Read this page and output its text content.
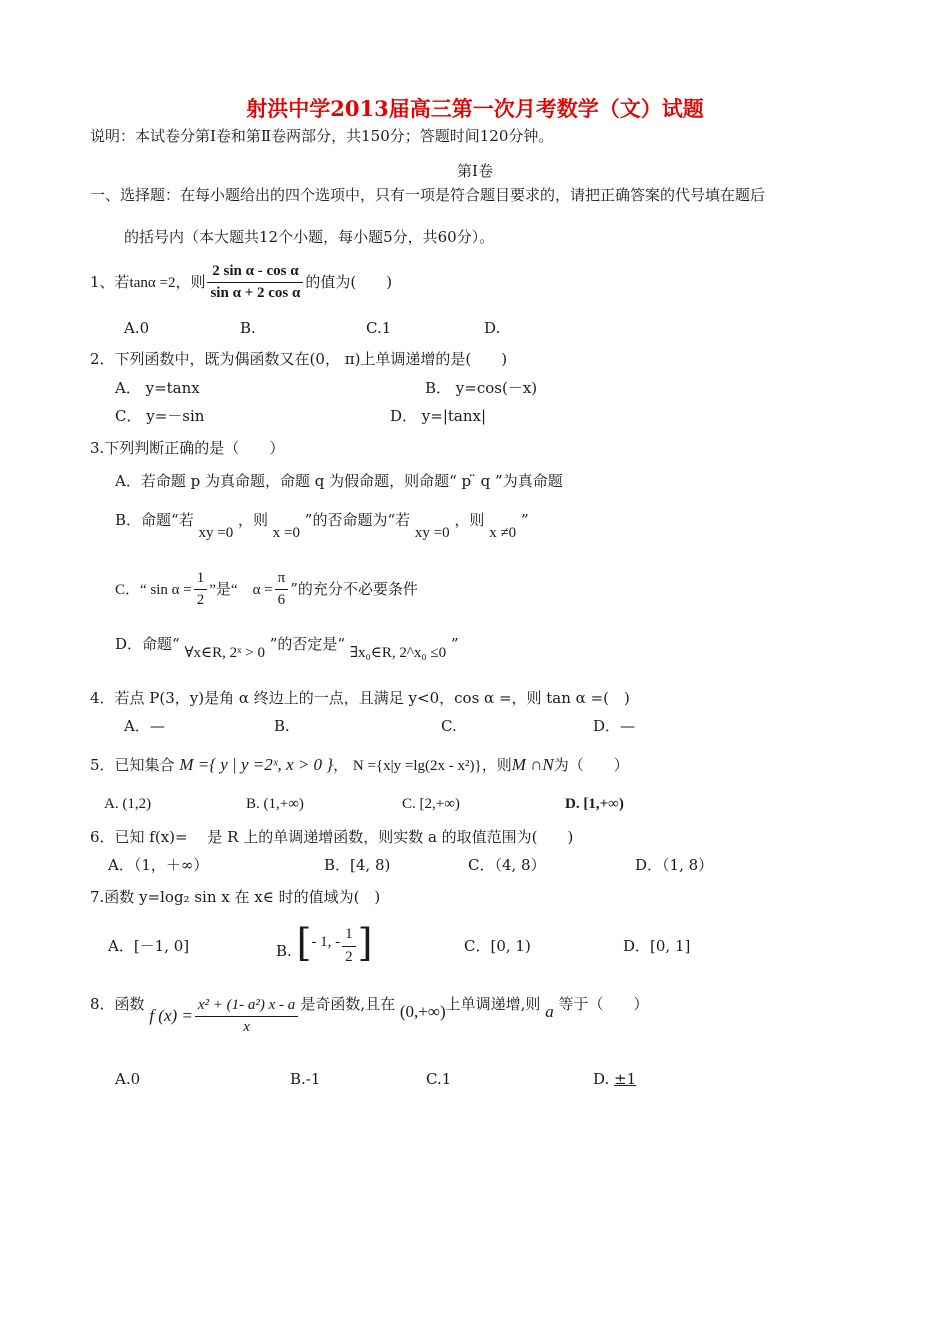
射洪中学2013届高三第一次月考数学（文）试题
说明：本试卷分第Ⅰ卷和第Ⅱ卷两部分，共150分；答题时间120分钟。
第Ⅰ卷
一、选择题：在每小题给出的四个选项中，只有一项是符合题目要求的，请把正确答案的代号填在题后
的括号内（本大题共12个小题，每小题5分，共60分）。
1、若tanα =2，则 $\frac{\text{2 sin α - cos α}}{\text{sin α + 2 cos α}}$ 的值为(　　)
A.0	B.	C.1	D.
2．下列函数中，既为偶函数又在(0， π)上单调递增的是(　　)
A． y=tanx	B． y=cos(－x)
C． y=－sin	D． y=|tanx|
3.下列判断正确的是（　　）
A．若命题 p 为真命题，命题 q 为假命题，则命题“ p ̈ q ”为真命题
B．命题“若 xy =0 ，则 x =0 ”的否命题为“若 xy =0 ，则 x ≠0 ”
C．“ $\sin \alpha = \frac{1}{2}$ ”是“　$\alpha = \frac{\pi}{6}$ ”的充分不必要条件
D．命题“ ∀x∈R, 2ˣ > 0 ”的否定是“ ∃x₀∈R, 2^x₀ ≤0 ”
4．若点 P(3，y)是角 α 终边上的一点，且满足 y<0，cos α =，则 tan α =(　)
A．—	B.	C.	D．—
5．已知集合 M ={ y | y =2ˣ, x > 0 }， N ={x|y =lg(2x - x²)}，则M ∩N为（　　）
A. (1,2)	B. (1,+∞)	C. [2,+∞)	D. [1,+∞)
6．已知 f(x)=　 是 R 上的单调递增函数，则实数 a 的取值范围为(　　)
A．（1，＋∞）	B．[4, 8)	C．（4, 8）	D．（1, 8）
7.函数 y=log₂ sin x 在 x∈ 时的值域为(　)
A．[－1, 0]	B. [- 1, - $\frac{1}{2}$ ]	C．[0, 1)	D．[0, 1]
8．函数 f $(x) = \frac{\text{x² + (1- a²) x - a}}{x}$ 是奇函数,且在 (0,+∞)上单调递增,则 a 等于（　　）
A.0	B.-1	C.1	D. ±1
